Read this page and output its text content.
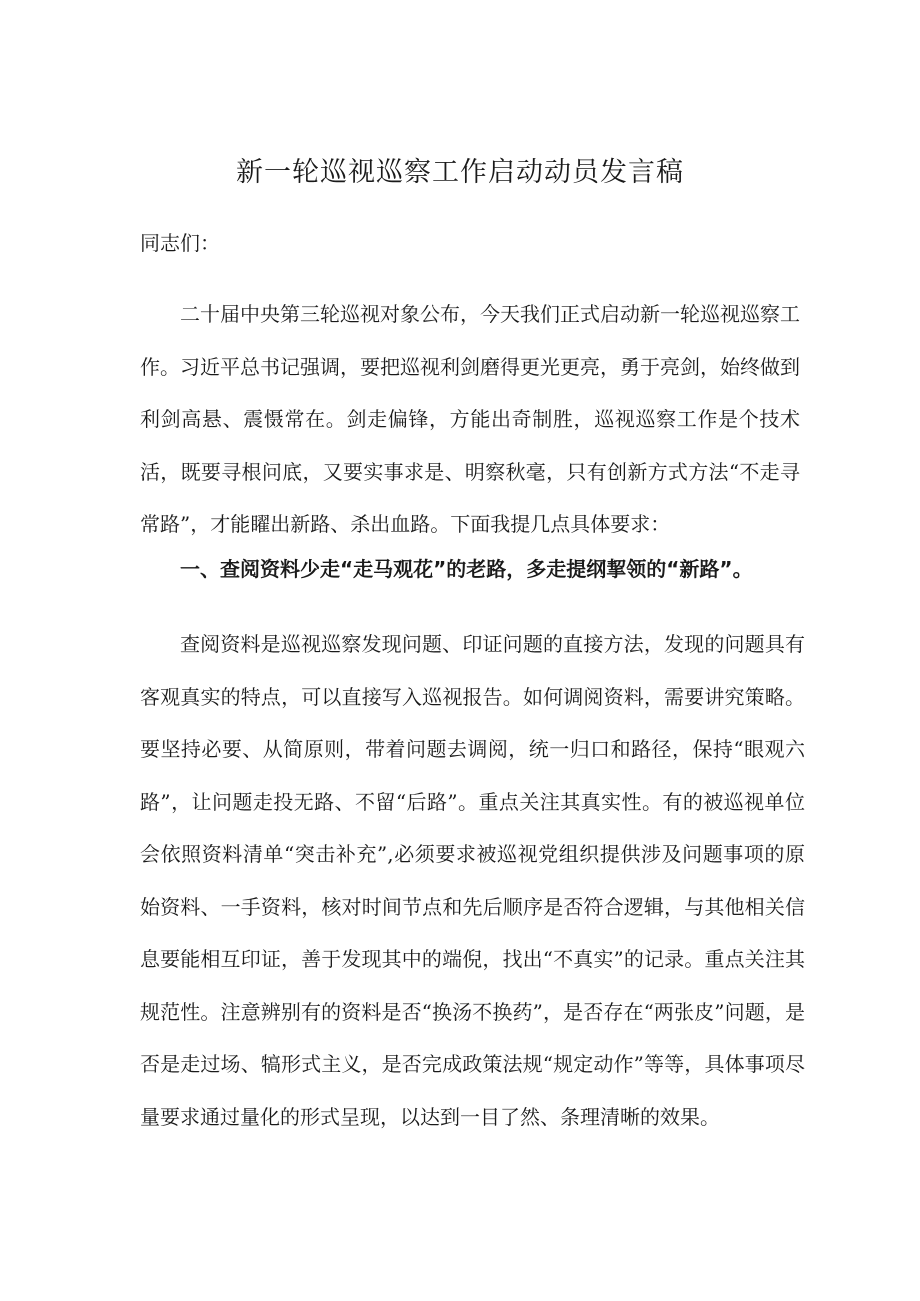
新一轮巡视巡察工作启动动员发言稿

同志们：

二十届中央第三轮巡视对象公布，今天我们正式启动新一轮巡视巡察工作。习近平总书记强调，要把巡视利剑磨得更光更亮，勇于亮剑，始终做到利剑高悬、震慑常在。剑走偏锋，方能出奇制胜，巡视巡察工作是个技术活，既要寻根问底，又要实事求是、明察秋毫，只有创新方式方法“不走寻常路”，才能矅出新路、杀出血路。下面我提几点具体要求：

一、查阅资料少走“走马观花”的老路，多走提纲挈领的“新路”。

查阅资料是巡视巡察发现问题、印证问题的直接方法，发现的问题具有客观真实的特点，可以直接写入巡视报告。如何调阅资料，需要讲究策略。要坚持必要、从简原则，带着问题去调阅，统一归口和路径，保持“眼观六路”，让问题走投无路、不留“后路”。重点关注其真实性。有的被巡视单位会依照资料清单“突击补充”,必须要求被巡视党组织提供涉及问题事项的原始资料、一手资料，核对时间节点和先后顺序是否符合逻辑，与其他相关信息要能相互印证，善于发现其中的端倪，找出“不真实”的记录。重点关注其规范性。注意辨别有的资料是否“换汤不换药”，是否存在“两张皮”问题，是否是走过场、犒形式主义，是否完成政策法规“规定动作”等等，具体事项尽量要求通过量化的形式呈现，以达到一目了然、条理清晰的效果。
